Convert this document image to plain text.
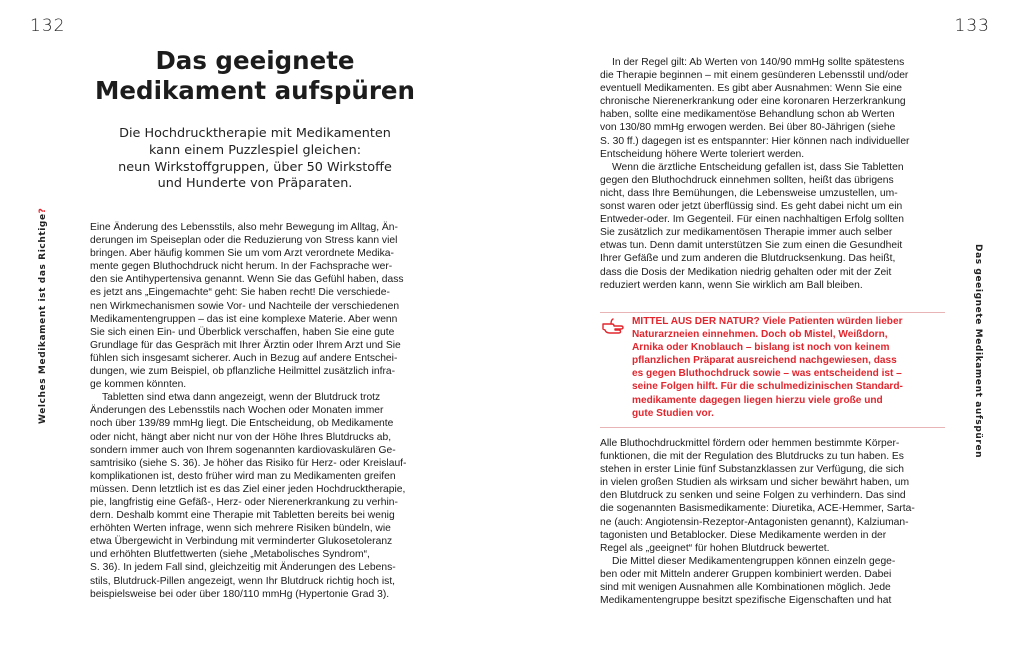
132	133
Welches Medikament ist das Richtige?
Das geeignete Medikament aufspüren
Das geeignete
Medikament aufspüren
Die Hochdrucktherapie mit Medikamenten
kann einem Puzzlespiel gleichen:
neun Wirkstoffgruppen, über 50 Wirkstoffe
und Hunderte von Präparaten.
Eine Änderung des Lebensstils, also mehr Bewegung im Alltag, Än-
derungen im Speiseplan oder die Reduzierung von Stress kann viel
bringen. Aber häufig kommen Sie um vom Arzt verordnete Medika-
mente gegen Bluthochdruck nicht herum. In der Fachsprache wer-
den sie Antihypertensiva genannt. Wenn Sie das Gefühl haben, dass
es jetzt ans „Eingemachte“ geht: Sie haben recht! Die verschiede-
nen Wirkmechanismen sowie Vor- und Nachteile der verschiedenen
Medikamentengruppen – das ist eine komplexe Materie. Aber wenn
Sie sich einen Ein- und Überblick verschaffen, haben Sie eine gute
Grundlage für das Gespräch mit Ihrer Ärztin oder Ihrem Arzt und Sie
fühlen sich insgesamt sicherer. Auch in Bezug auf andere Entschei-
dungen, wie zum Beispiel, ob pflanzliche Heilmittel zusätzlich infra-
ge kommen könnten.
Tabletten sind etwa dann angezeigt, wenn der Blutdruck trotz
Änderungen des Lebensstils nach Wochen oder Monaten immer
noch über 139/89 mmHg liegt. Die Entscheidung, ob Medikamente
oder nicht, hängt aber nicht nur von der Höhe Ihres Blutdrucks ab,
sondern immer auch von Ihrem sogenannten kardiovaskulären Ge-
samtrisiko (siehe S. 36). Je höher das Risiko für Herz- oder Kreislauf-
komplikationen ist, desto früher wird man zu Medikamenten greifen
müssen. Denn letztlich ist es das Ziel einer jeden Hochdrucktherapie,
pie, langfristig eine Gefäß-, Herz- oder Nierenerkrankung zu verhin-
dern. Deshalb kommt eine Therapie mit Tabletten bereits bei wenig
erhöhten Werten infrage, wenn sich mehrere Risiken bündeln, wie
etwa Übergewicht in Verbindung mit verminderter Glukosetoleranz
und erhöhten Blutfettwerten (siehe „Metabolisches Syndrom“,
S. 36). In jedem Fall sind, gleichzeitig mit Änderungen des Lebens-
stils, Blutdruck-Pillen angezeigt, wenn Ihr Blutdruck richtig hoch ist,
beispielsweise bei oder über 180/110 mmHg (Hypertonie Grad 3).
In der Regel gilt: Ab Werten von 140/90 mmHg sollte spätestens
die Therapie beginnen – mit einem gesünderen Lebensstil und/oder
eventuell Medikamenten. Es gibt aber Ausnahmen: Wenn Sie eine
chronische Nierenerkrankung oder eine koronaren Herzerkrankung
haben, sollte eine medikamentöse Behandlung schon ab Werten
von 130/80 mmHg erwogen werden. Bei über 80-Jährigen (siehe
S. 30 ff.) dagegen ist es entspannter: Hier können nach individueller
Entscheidung höhere Werte toleriert werden.
Wenn die ärztliche Entscheidung gefallen ist, dass Sie Tabletten
gegen den Bluthochdruck einnehmen sollten, heißt das übrigens
nicht, dass Ihre Bemühungen, die Lebensweise umzustellen, um-
sonst waren oder jetzt überflüssig sind. Es geht dabei nicht um ein
Entweder-oder. Im Gegenteil. Für einen nachhaltigen Erfolg sollten
Sie zusätzlich zur medikamentösen Therapie immer auch selber
etwas tun. Denn damit unterstützen Sie zum einen die Gesundheit
Ihrer Gefäße und zum anderen die Blutdrucksenkung. Das heißt,
dass die Dosis der Medikation niedrig gehalten oder mit der Zeit
reduziert werden kann, wenn Sie wirklich am Ball bleiben.
MITTEL AUS DER NATUR? Viele Patienten würden lieber
Naturarzneien einnehmen. Doch ob Mistel, Weißdorn,
Arnika oder Knoblauch – bislang ist noch von keinem
pflanzlichen Präparat ausreichend nachgewiesen, dass
es gegen Bluthochdruck sowie – was entscheidend ist –
seine Folgen hilft. Für die schulmedizinischen Standard-
medikamente dagegen liegen hierzu viele große und
gute Studien vor.
Alle Bluthochdruckmittel fördern oder hemmen bestimmte Körper-
funktionen, die mit der Regulation des Blutdrucks zu tun haben. Es
stehen in erster Linie fünf Substanzklassen zur Verfügung, die sich
in vielen großen Studien als wirksam und sicher bewährt haben, um
den Blutdruck zu senken und seine Folgen zu verhindern. Das sind
die sogenannten Basismedikamente: Diuretika, ACE-Hemmer, Sarta-
ne (auch: Angiotensin-Rezeptor-Antagonisten genannt), Kalziuman-
tagonisten und Betablocker. Diese Medikamente werden in der
Regel als „geeignet“ für hohen Blutdruck bewertet.
Die Mittel dieser Medikamentengruppen können einzeln gege-
ben oder mit Mitteln anderer Gruppen kombiniert werden. Dabei
sind mit wenigen Ausnahmen alle Kombinationen möglich. Jede
Medikamentengruppe besitzt spezifische Eigenschaften und hat
